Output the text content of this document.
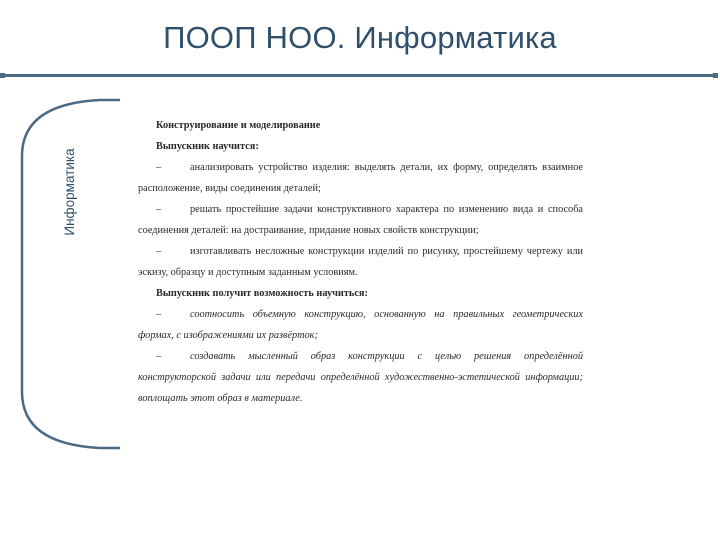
ПООП НОО. Информатика
Информатика
Конструирование и моделирование
Выпускник научится:
–	анализировать устройство изделия: выделять детали, их форму, определять взаимное расположение, виды соединения деталей;
–	решать простейшие задачи конструктивного характера по изменению вида и способа соединения деталей: на достраивание, придание новых свойств конструкции;
–	изготавливать несложные конструкции изделий по рисунку, простейшему чертежу или эскизу, образцу и доступным заданным условиям.
Выпускник получит возможность научиться:
–	соотносить объемную конструкцию, основанную на правильных геометрических формах, с изображениями их развёрток;
–	создавать мысленный образ конструкции с целью решения определённой конструкторской задачи или передачи определённой художественно-эстетической информации; воплощать этот образ в материале.
